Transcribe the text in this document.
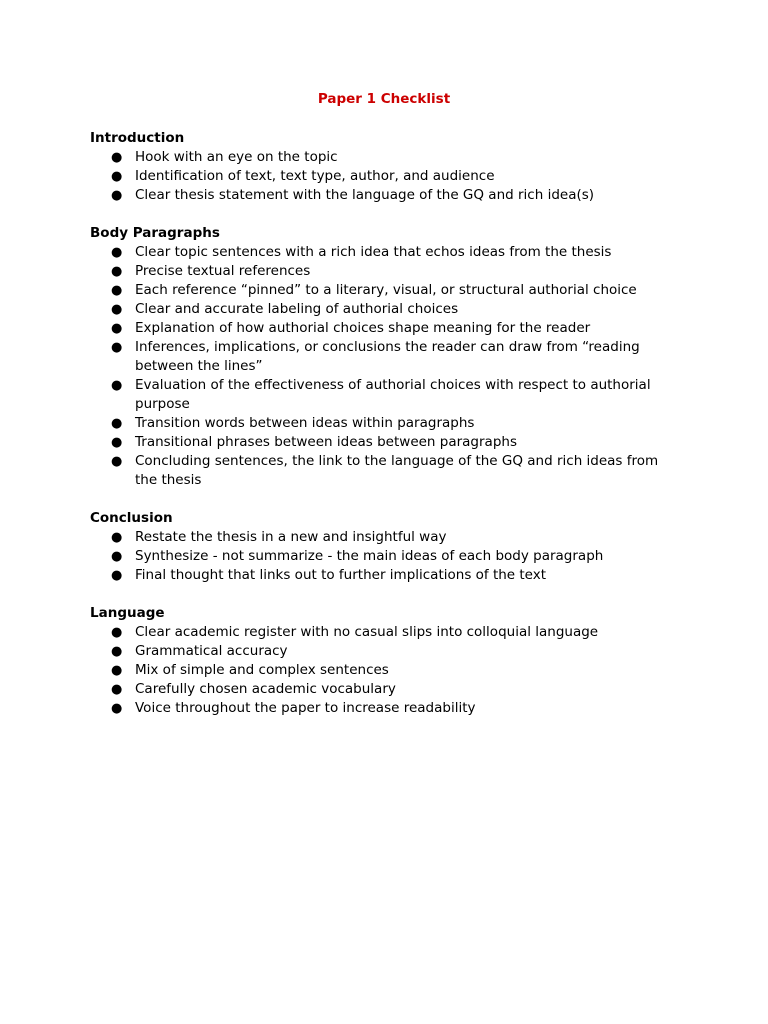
Paper 1 Checklist
Introduction
● Hook with an eye on the topic
● Identification of text, text type, author, and audience
● Clear thesis statement with the language of the GQ and rich idea(s)
Body Paragraphs
● Clear topic sentences with a rich idea that echos ideas from the thesis
● Precise textual references
● Each reference “pinned” to a literary, visual, or structural authorial choice
● Clear and accurate labeling of authorial choices
● Explanation of how authorial choices shape meaning for the reader
● Inferences, implications, or conclusions the reader can draw from “reading between the lines”
● Evaluation of the effectiveness of authorial choices with respect to authorial purpose
● Transition words between ideas within paragraphs
● Transitional phrases between ideas between paragraphs
● Concluding sentences, the link to the language of the GQ and rich ideas from the thesis
Conclusion
● Restate the thesis in a new and insightful way
● Synthesize - not summarize - the main ideas of each body paragraph
● Final thought that links out to further implications of the text
Language
● Clear academic register with no casual slips into colloquial language
● Grammatical accuracy
● Mix of simple and complex sentences
● Carefully chosen academic vocabulary
● Voice throughout the paper to increase readability
